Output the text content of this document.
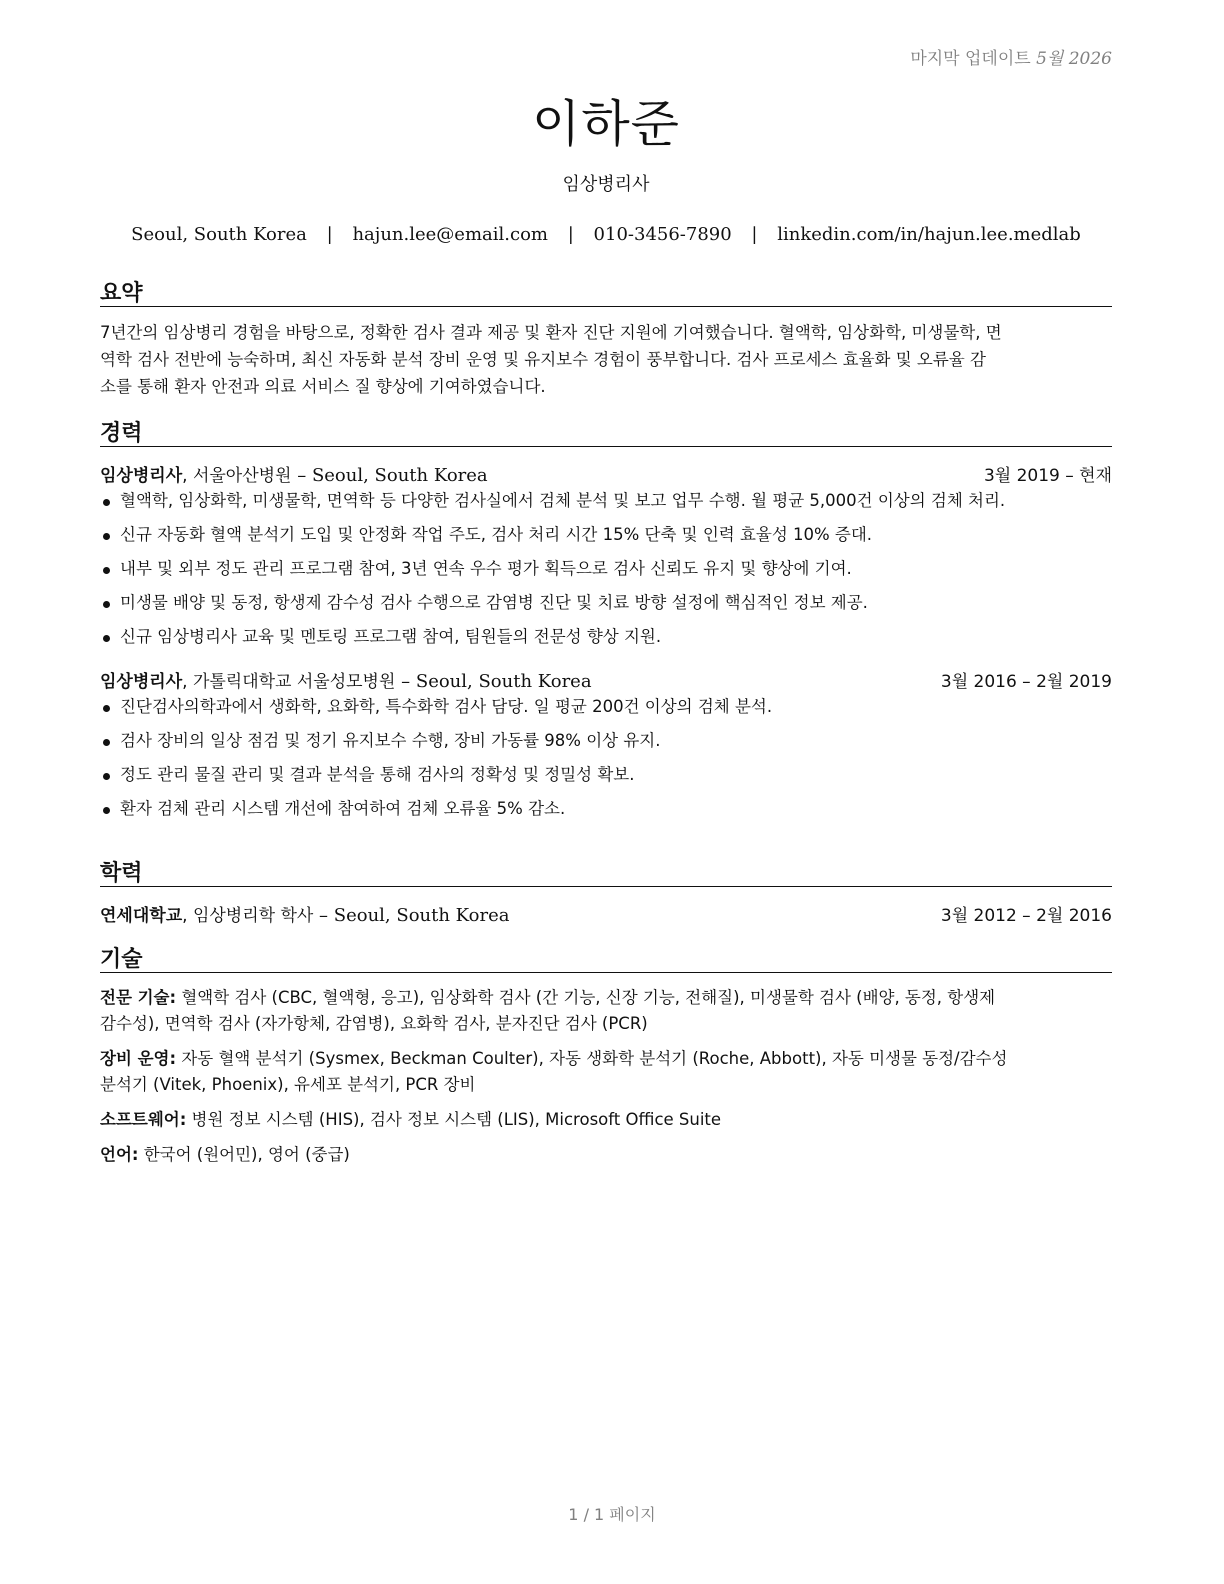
마지막 업데이트 5월 2026
이하준
임상병리사
Seoul, South Korea | hajun.lee@email.com | 010-3456-7890 | linkedin.com/in/hajun.lee.medlab
요약
7년간의 임상병리 경험을 바탕으로, 정확한 검사 결과 제공 및 환자 진단 지원에 기여했습니다. 혈액학, 임상화학, 미생물학, 면
역학 검사 전반에 능숙하며, 최신 자동화 분석 장비 운영 및 유지보수 경험이 풍부합니다. 검사 프로세스 효율화 및 오류율 감
소를 통해 환자 안전과 의료 서비스 질 향상에 기여하였습니다.
경력
임상병리사, 서울아산병원 – Seoul, South Korea	3월 2019 – 현재
혈액학, 임상화학, 미생물학, 면역학 등 다양한 검사실에서 검체 분석 및 보고 업무 수행. 월 평균 5,000건 이상의 검체 처리.
신규 자동화 혈액 분석기 도입 및 안정화 작업 주도, 검사 처리 시간 15% 단축 및 인력 효율성 10% 증대.
내부 및 외부 정도 관리 프로그램 참여, 3년 연속 우수 평가 획득으로 검사 신뢰도 유지 및 향상에 기여.
미생물 배양 및 동정, 항생제 감수성 검사 수행으로 감염병 진단 및 치료 방향 설정에 핵심적인 정보 제공.
신규 임상병리사 교육 및 멘토링 프로그램 참여, 팀원들의 전문성 향상 지원.
임상병리사, 가톨릭대학교 서울성모병원 – Seoul, South Korea	3월 2016 – 2월 2019
진단검사의학과에서 생화학, 요화학, 특수화학 검사 담당. 일 평균 200건 이상의 검체 분석.
검사 장비의 일상 점검 및 정기 유지보수 수행, 장비 가동률 98% 이상 유지.
정도 관리 물질 관리 및 결과 분석을 통해 검사의 정확성 및 정밀성 확보.
환자 검체 관리 시스템 개선에 참여하여 검체 오류율 5% 감소.
학력
연세대학교, 임상병리학 학사 – Seoul, South Korea	3월 2012 – 2월 2016
기술
전문 기술: 혈액학 검사 (CBC, 혈액형, 응고), 임상화학 검사 (간 기능, 신장 기능, 전해질), 미생물학 검사 (배양, 동정, 항생제
감수성), 면역학 검사 (자가항체, 감염병), 요화학 검사, 분자진단 검사 (PCR)
장비 운영: 자동 혈액 분석기 (Sysmex, Beckman Coulter), 자동 생화학 분석기 (Roche, Abbott), 자동 미생물 동정/감수성
분석기 (Vitek, Phoenix), 유세포 분석기, PCR 장비
소프트웨어: 병원 정보 시스템 (HIS), 검사 정보 시스템 (LIS), Microsoft Office Suite
언어: 한국어 (원어민), 영어 (중급)
1 / 1 페이지
